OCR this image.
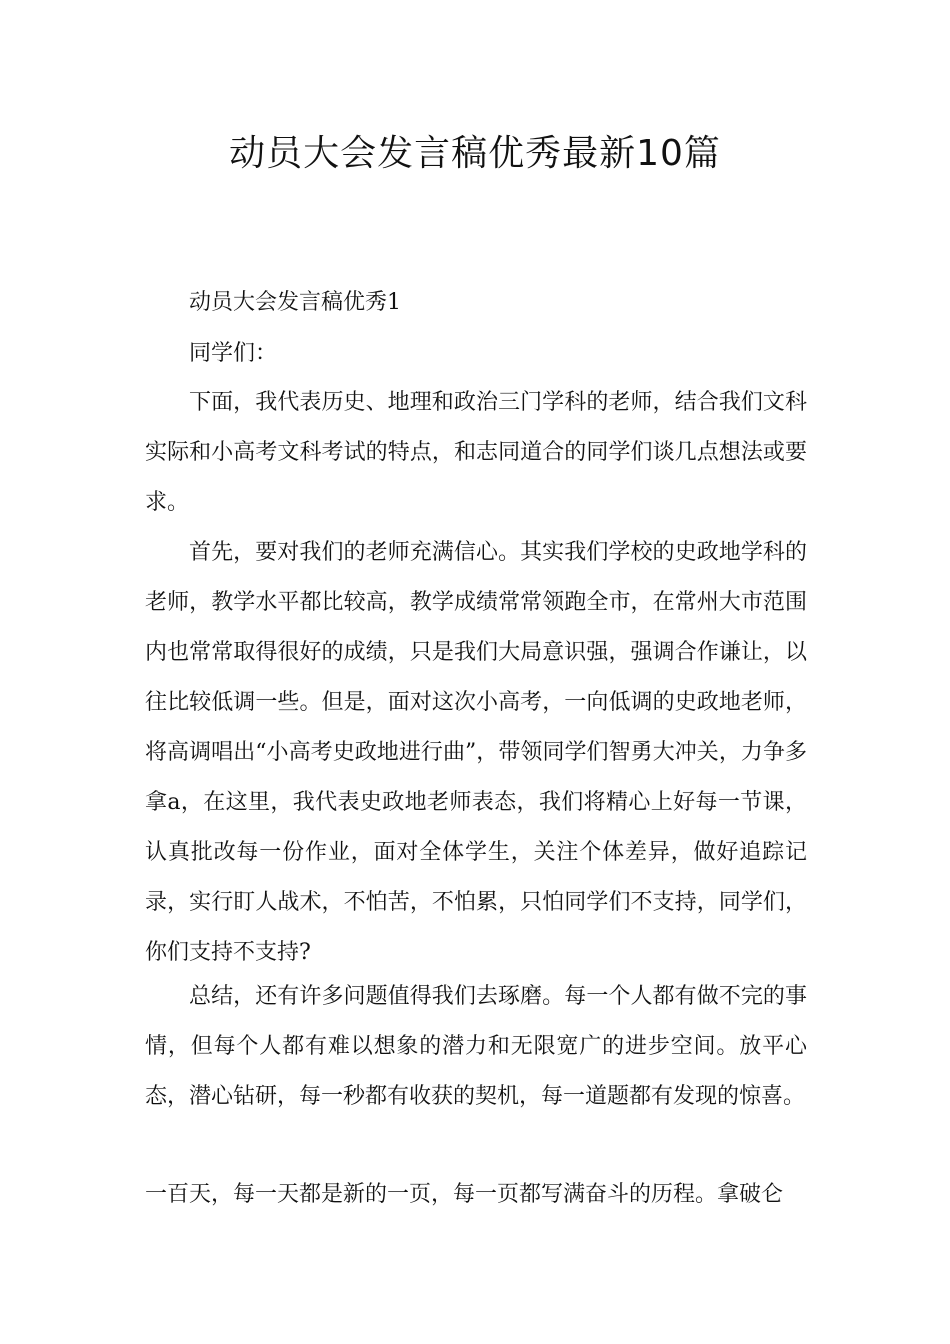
动员大会发言稿优秀最新10篇

动员大会发言稿优秀1

同学们：

下面，我代表历史、地理和政治三门学科的老师，结合我们文科实际和小高考文科考试的特点，和志同道合的同学们谈几点想法或要求。

首先，要对我们的老师充满信心。其实我们学校的史政地学科的老师，教学水平都比较高，教学成绩常常领跑全市，在常州大市范围内也常常取得很好的成绩，只是我们大局意识强，强调合作谦让，以往比较低调一些。但是，面对这次小高考，一向低调的史政地老师，将高调唱出“小高考史政地进行曲”，带领同学们智勇大冲关，力争多拿a，在这里，我代表史政地老师表态，我们将精心上好每一节课，认真批改每一份作业，面对全体学生，关注个体差异，做好追踪记录，实行盯人战术，不怕苦，不怕累，只怕同学们不支持，同学们，你们支持不支持?

总结，还有许多问题值得我们去琢磨。每一个人都有做不完的事情，但每个人都有难以想象的潜力和无限宽广的进步空间。放平心态，潜心钻研，每一秒都有收获的契机，每一道题都有发现的惊喜。

一百天，每一天都是新的一页，每一页都写满奋斗的历程。拿破仑
